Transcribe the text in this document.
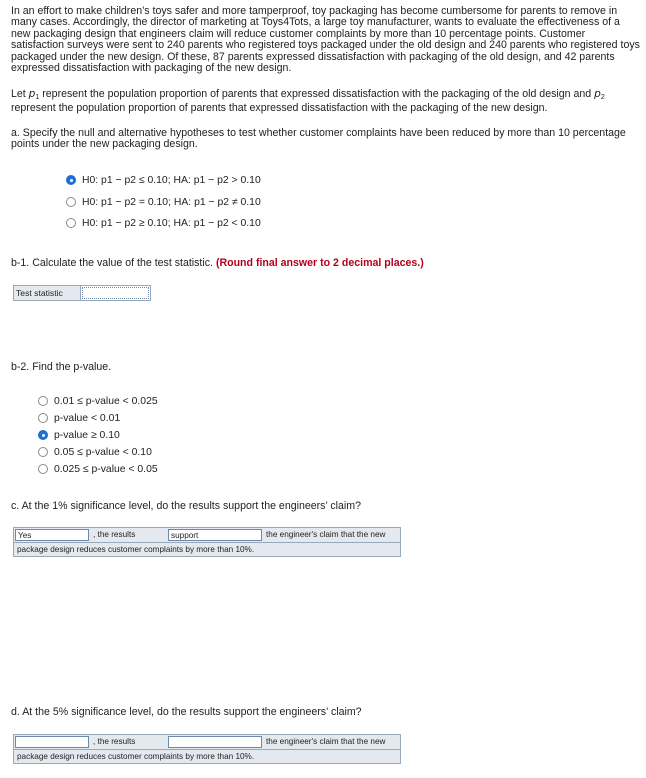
In an effort to make children’s toys safer and more tamperproof, toy packaging has become cumbersome for parents to remove in many cases. Accordingly, the director of marketing at Toys4Tots, a large toy manufacturer, wants to evaluate the effectiveness of a new packaging design that engineers claim will reduce customer complaints by more than 10 percentage points. Customer satisfaction surveys were sent to 240 parents who registered toys packaged under the old design and 240 parents who registered toys packaged under the new design. Of these, 87 parents expressed dissatisfaction with packaging of the old design, and 42 parents expressed dissatisfaction with packaging of the new design.

Let $p_1$ represent the population proportion of parents that expressed dissatisfaction with the packaging of the old design and $p_2$ represent the population proportion of parents that expressed dissatisfaction with the packaging of the new design.

a. Specify the null and alternative hypotheses to test whether customer complaints have been reduced by more than 10 percentage points under the new packaging design.

H0: p1 − p2 ≤ 0.10;
HA: p1 − p2 > 0.10
H0: p1 − p2 = 0.10;
HA: p1 − p2 ≠ 0.10
H0: p1 − p2 ≥ 0.10;
HA: p1 − p2 < 0.10

b-1. Calculate the value of the test statistic. (Round final answer to 2 decimal places.)

Test statistic

b-2. Find the p-value.

0.01 ≤ p-value < 0.025
p-value < 0.01
p-value ≥ 0.10
0.05 ≤ p-value < 0.10
0.025 ≤ p-value < 0.05

c. At the 1% significance level, do the results support the engineers’ claim?

Yes	, the results	support	the engineer's claim that the new
package design reduces customer complaints by more than 10%.

d. At the 5% significance level, do the results support the engineers’ claim?

, the results	the engineer's claim that the new
package design reduces customer complaints by more than 10%.
